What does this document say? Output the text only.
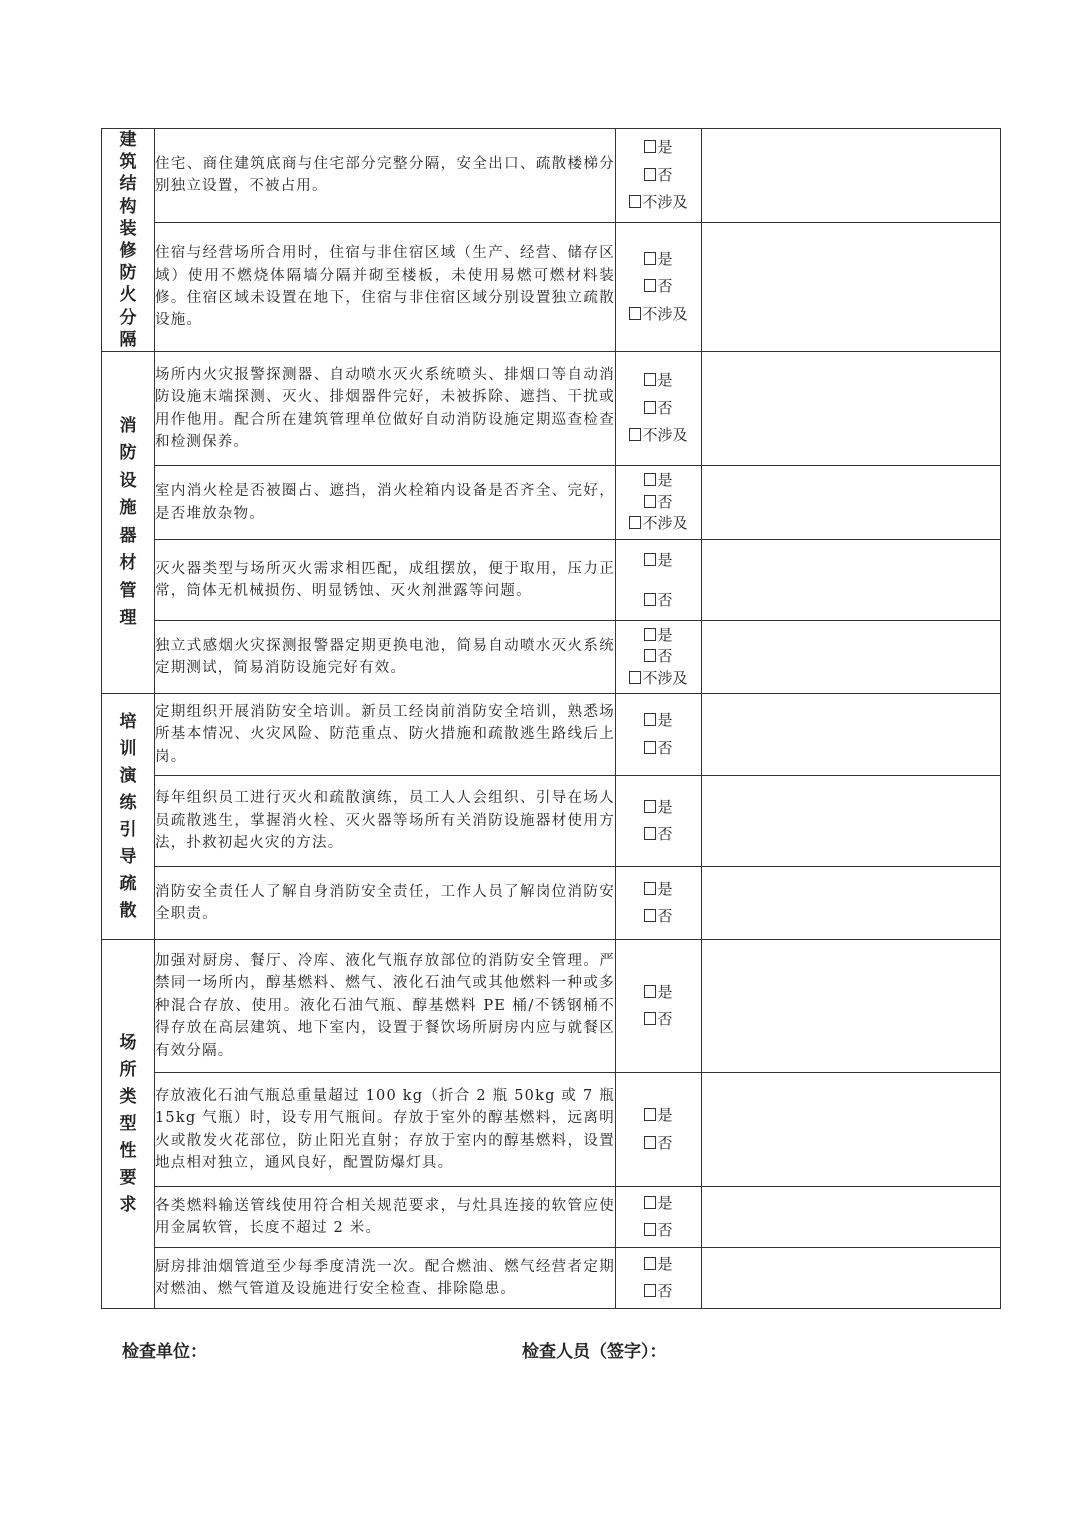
建筑结构装修防火分隔	住宅、商住建筑底商与住宅部分完整分隔，安全出口、疏散楼梯分别独立设置，不被占用。	是
否
不涉及	

	住宿与经营场所合用时，住宿与非住宿区域（生产、经营、储存区域）使用不燃烧体隔墙分隔并砌至楼板，未使用易燃可燃材料装修。住宿区域未设置在地下，住宿与非住宿区域分别设置独立疏散设施。	是
否
不涉及	

消防设施器材管理	场所内火灾报警探测器、自动喷水灭火系统喷头、排烟口等自动消防设施末端探测、灭火、排烟器件完好，未被拆除、遮挡、干扰或用作他用。配合所在建筑管理单位做好自动消防设施定期巡查检查和检测保养。	是
否
不涉及	

	室内消火栓是否被圈占、遮挡，消火栓箱内设备是否齐全、完好，是否堆放杂物。	是
否
不涉及	

	灭火器类型与场所灭火需求相匹配，成组摆放，便于取用，压力正常，筒体无机械损伤、明显锈蚀、灭火剂泄露等问题。	是
否	

	独立式感烟火灾探测报警器定期更换电池，简易自动喷水灭火系统定期测试，简易消防设施完好有效。	是
否
不涉及	

培训演练引导疏散	定期组织开展消防安全培训。新员工经岗前消防安全培训，熟悉场所基本情况、火灾风险、防范重点、防火措施和疏散逃生路线后上岗。	是
否	

	每年组织员工进行灭火和疏散演练，员工人人会组织、引导在场人员疏散逃生，掌握消火栓、灭火器等场所有关消防设施器材使用方法，扑救初起火灾的方法。	是
否	

	消防安全责任人了解自身消防安全责任，工作人员了解岗位消防安全职责。	是
否	

场所类型性要求	加强对厨房、餐厅、冷库、液化气瓶存放部位的消防安全管理。严禁同一场所内，醇基燃料、燃气、液化石油气或其他燃料一种或多种混合存放、使用。液化石油气瓶、醇基燃料 PE 桶/不锈钢桶不得存放在高层建筑、地下室内，设置于餐饮场所厨房内应与就餐区有效分隔。	是
否	

	存放液化石油气瓶总重量超过 100 kg（折合 2 瓶 50kg 或 7 瓶 15kg 气瓶）时，设专用气瓶间。存放于室外的醇基燃料，远离明火或散发火花部位，防止阳光直射；存放于室内的醇基燃料，设置地点相对独立，通风良好，配置防爆灯具。	是
否	

	各类燃料输送管线使用符合相关规范要求，与灶具连接的软管应使用金属软管，长度不超过 2 米。	是
否	

	厨房排油烟管道至少每季度清洗一次。配合燃油、燃气经营者定期对燃油、燃气管道及设施进行安全检查、排除隐患。	是
否	

检查单位：	检查人员（签字）：
